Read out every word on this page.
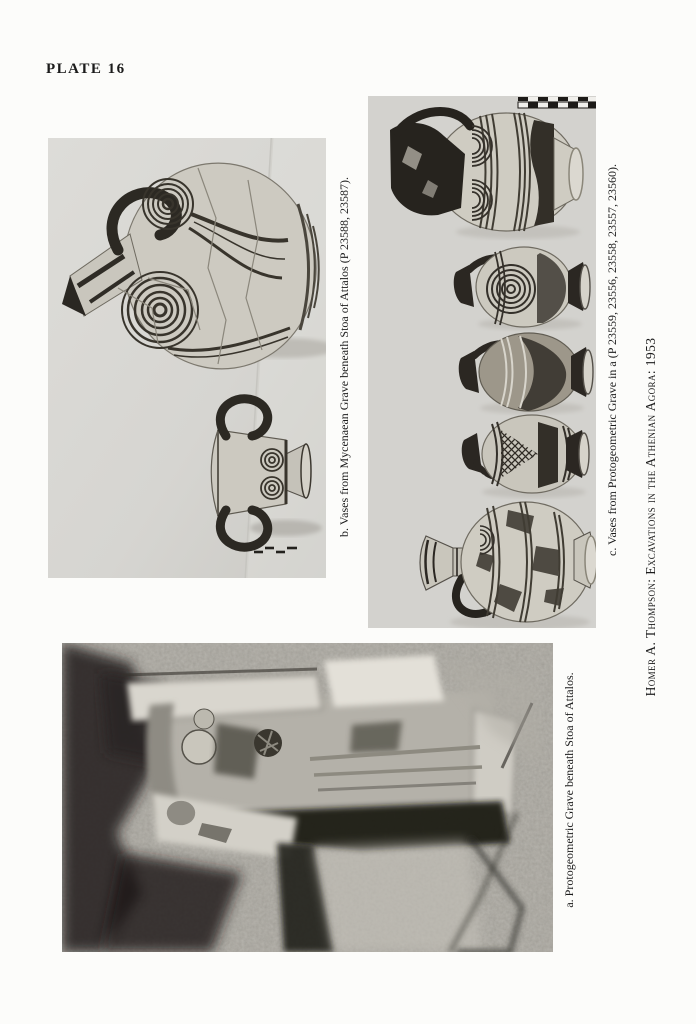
PLATE 16
b. Vases from Mycenaean Grave beneath Stoa of Attalos (P 23588, 23587).	c. Vases from Protogeometric Grave in a (P 23559, 23556, 23558, 23557, 23560). Homer A. Thompson: Excavations in the Athenian Agora: 1953
a. Protogeometric Grave beneath Stoa of Attalos.
